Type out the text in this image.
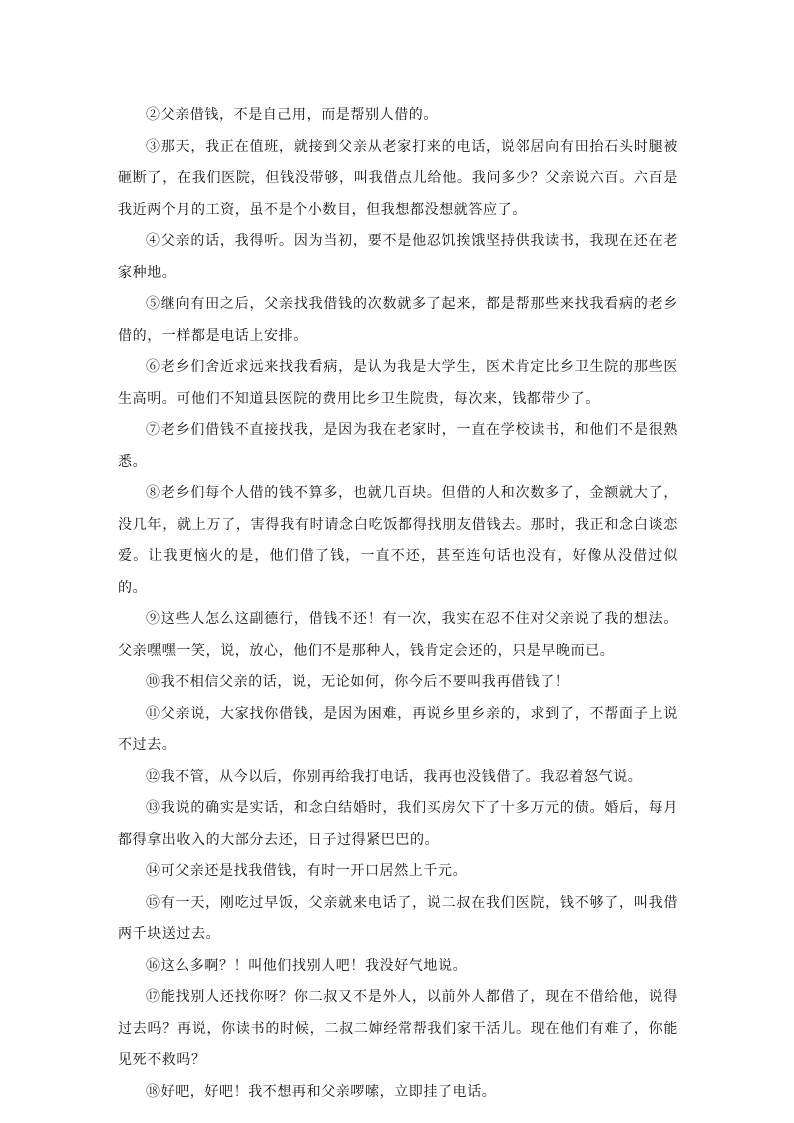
②父亲借钱，不是自己用，而是帮别人借的。

③那天，我正在值班，就接到父亲从老家打来的电话，说邻居向有田抬石头时腿被砸断了，在我们医院，但钱没带够，叫我借点儿给他。我问多少？父亲说六百。六百是我近两个月的工资，虽不是个小数目，但我想都没想就答应了。

④父亲的话，我得听。因为当初，要不是他忍饥挨饿坚持供我读书，我现在还在老家种地。

⑤继向有田之后，父亲找我借钱的次数就多了起来，都是帮那些来找我看病的老乡借的，一样都是电话上安排。

⑥老乡们舍近求远来找我看病，是认为我是大学生，医术肯定比乡卫生院的那些医生高明。可他们不知道县医院的费用比乡卫生院贵，每次来，钱都带少了。

⑦老乡们借钱不直接找我，是因为我在老家时，一直在学校读书，和他们不是很熟悉。

⑧老乡们每个人借的钱不算多，也就几百块。但借的人和次数多了，金额就大了，没几年，就上万了，害得我有时请念白吃饭都得找朋友借钱去。那时，我正和念白谈恋爱。让我更恼火的是，他们借了钱，一直不还，甚至连句话也没有，好像从没借过似的。

⑨这些人怎么这副德行，借钱不还！有一次，我实在忍不住对父亲说了我的想法。父亲嘿嘿一笑，说，放心，他们不是那种人，钱肯定会还的，只是早晚而已。

⑩我不相信父亲的话，说，无论如何，你今后不要叫我再借钱了！

⑪父亲说，大家找你借钱，是因为困难，再说乡里乡亲的，求到了，不帮面子上说不过去。

⑫我不管，从今以后，你别再给我打电话，我再也没钱借了。我忍着怒气说。

⑬我说的确实是实话，和念白结婚时，我们买房欠下了十多万元的债。婚后，每月都得拿出收入的大部分去还，日子过得紧巴巴的。

⑭可父亲还是找我借钱，有时一开口居然上千元。

⑮有一天，刚吃过早饭，父亲就来电话了，说二叔在我们医院，钱不够了，叫我借两千块送过去。

⑯这么多啊？！叫他们找别人吧！我没好气地说。

⑰能找别人还找你呀？你二叔又不是外人，以前外人都借了，现在不借给他，说得过去吗？再说，你读书的时候，二叔二婶经常帮我们家干活儿。现在他们有难了，你能见死不救吗？

⑱好吧，好吧！我不想再和父亲啰嗦，立即挂了电话。
